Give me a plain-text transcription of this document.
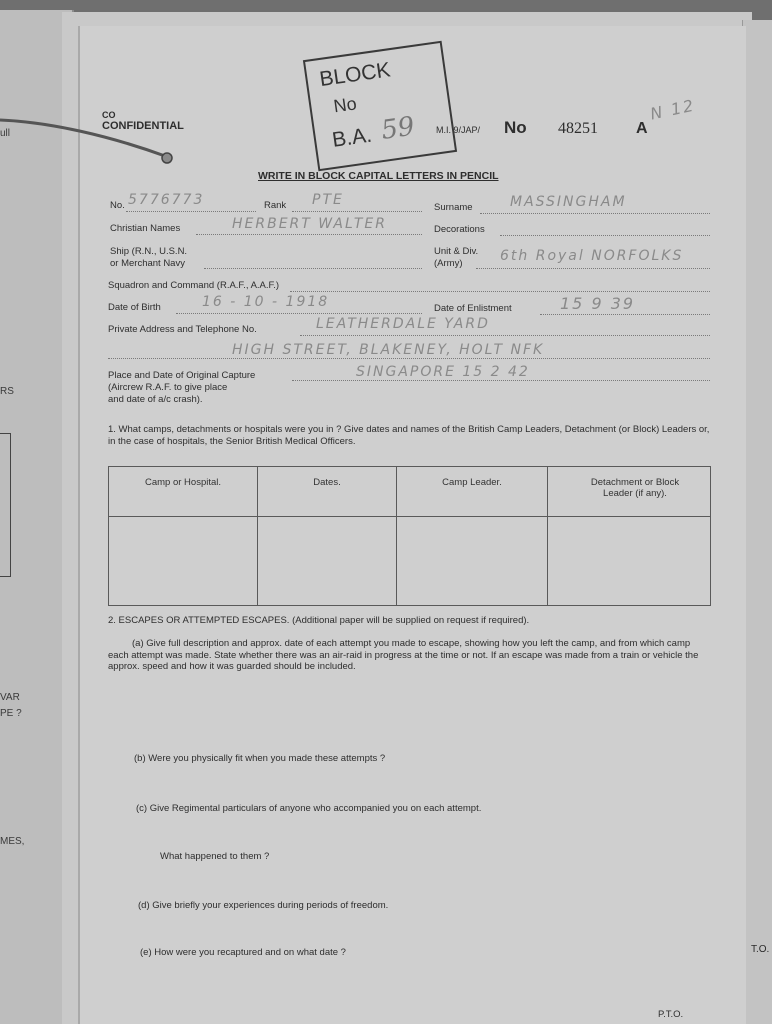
ull
RS
VAR
PE ?
MES,
T.O.
CO
CONFIDENTIAL	M.I. 9/JAP/ No 48251 A
N 12
BLOCK
No
B.A. 59
WRITE IN BLOCK CAPITAL LETTERS IN PENCIL
No. 5776773	Rank PTE	Surname	MASSINGHAM
Christian Names	HERBERT WALTER	Decorations
Ship (R.N., U.S.N.
or Merchant Navy
Unit & Div.
(Army)	6th Royal NORFOLKS
Squadron and Command (R.A.F., A.A.F.)
Date of Birth	16 - 10 - 1918	Date of Enlistment	15 9 39
Private Address and Telephone No.	LEATHERDALE YARD
HIGH STREET, BLAKENEY, HOLT NFK
Place and Date of Original Capture
(Aircrew R.A.F. to give place
and date of a/c crash).
SINGAPORE 15 2 42
1. What camps, detachments or hospitals were you in ? Give dates and names of the British Camp Leaders, Detachment (or Block) Leaders or, in the case of hospitals, the Senior British Medical Officers.
Camp or Hospital.	Dates.	Camp Leader.	Detachment or Block Leader (if any).

2. ESCAPES OR ATTEMPTED ESCAPES. (Additional paper will be supplied on request if required).
(a) Give full description and approx. date of each attempt you made to escape, showing how you left the camp, and from which camp each attempt was made. State whether there was an air-raid in progress at the time or not. If an escape was made from a train or vehicle the approx. speed and how it was guarded should be included.
(b) Were you physically fit when you made these attempts ?
(c) Give Regimental particulars of anyone who accompanied you on each attempt.
What happened to them ?
(d) Give briefly your experiences during periods of freedom.
(e) How were you recaptured and on what date ?
P.T.O.
